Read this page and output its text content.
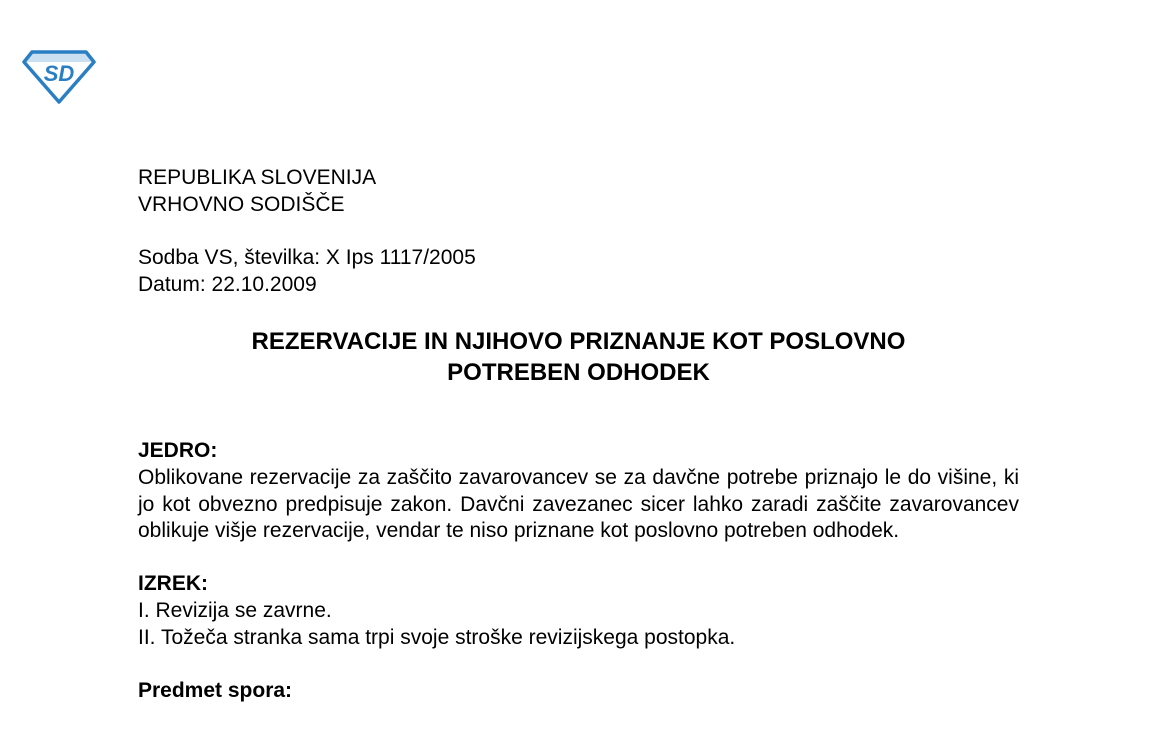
SD
REPUBLIKA SLOVENIJA
VRHOVNO SODIŠČE
Sodba VS, številka: X Ips 1117/2005
Datum: 22.10.2009
REZERVACIJE IN NJIHOVO PRIZNANJE KOT POSLOVNO
POTREBEN ODHODEK
JEDRO:
Oblikovane rezervacije za zaščito zavarovancev se za davčne potrebe priznajo le do višine, ki jo kot obvezno predpisuje zakon. Davčni zavezanec sicer lahko zaradi zaščite zavarovancev oblikuje višje rezervacije, vendar te niso priznane kot poslovno potreben odhodek.
IZREK:
I. Revizija se zavrne.
II. Tožeča stranka sama trpi svoje stroške revizijskega postopka.
Predmet spora:
